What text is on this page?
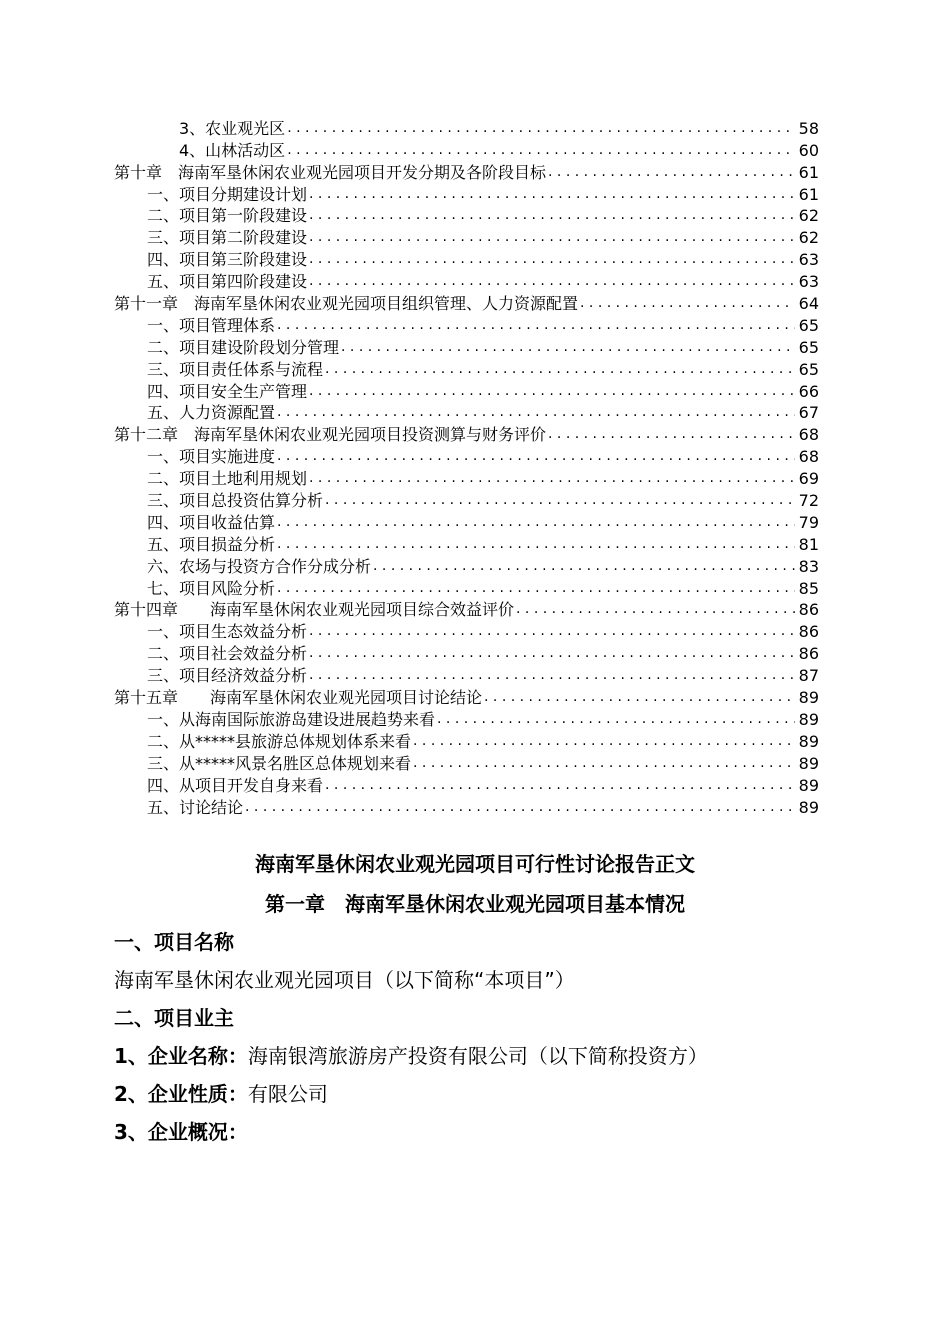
3、农业观光区 . . .	58
4、山林活动区 . . .	60
第十章　海南军垦休闲农业观光园项目开发分期及各阶段目标 . . .	61
一、项目分期建设计划 . . .	61
二、项目第一阶段建设 . . .	62
三、项目第二阶段建设 . . .	62
四、项目第三阶段建设 . . .	63
五、项目第四阶段建设 . . .	63
第十一章　海南军垦休闲农业观光园项目组织管理、人力资源配置 . . .	64
一、项目管理体系 . . .	65
二、项目建设阶段划分管理 . . .	65
三、项目责任体系与流程 . . .	65
四、项目安全生产管理 . . .	66
五、人力资源配置 . . .	67
第十二章　海南军垦休闲农业观光园项目投资测算与财务评价 . . .	68
一、项目实施进度 . . .	68
二、项目土地利用规划 . . .	69
三、项目总投资估算分析 . . .	72
四、项目收益估算 . . .	79
五、项目损益分析 . . .	81
六、农场与投资方合作分成分析 . . .	83
七、项目风险分析 . . .	85
第十四章　　海南军垦休闲农业观光园项目综合效益评价 . . .	86
一、项目生态效益分析 . . .	86
二、项目社会效益分析 . . .	86
三、项目经济效益分析 . . .	87
第十五章　　海南军垦休闲农业观光园项目讨论结论 . . .	89
一、从海南国际旅游岛建设进展趋势来看 . . .	89
二、从*****县旅游总体规划体系来看 . . .	89
三、从*****风景名胜区总体规划来看 . . .	89
四、从项目开发自身来看 . . .	89
五、讨论结论 . . .	89
海南军垦休闲农业观光园项目可行性讨论报告正文
第一章　海南军垦休闲农业观光园项目基本情况
一、项目名称
海南军垦休闲农业观光园项目（以下简称“本项目”）
二、项目业主
1、企业名称：海南银湾旅游房产投资有限公司（以下简称投资方）
2、企业性质：有限公司
3、企业概况：
